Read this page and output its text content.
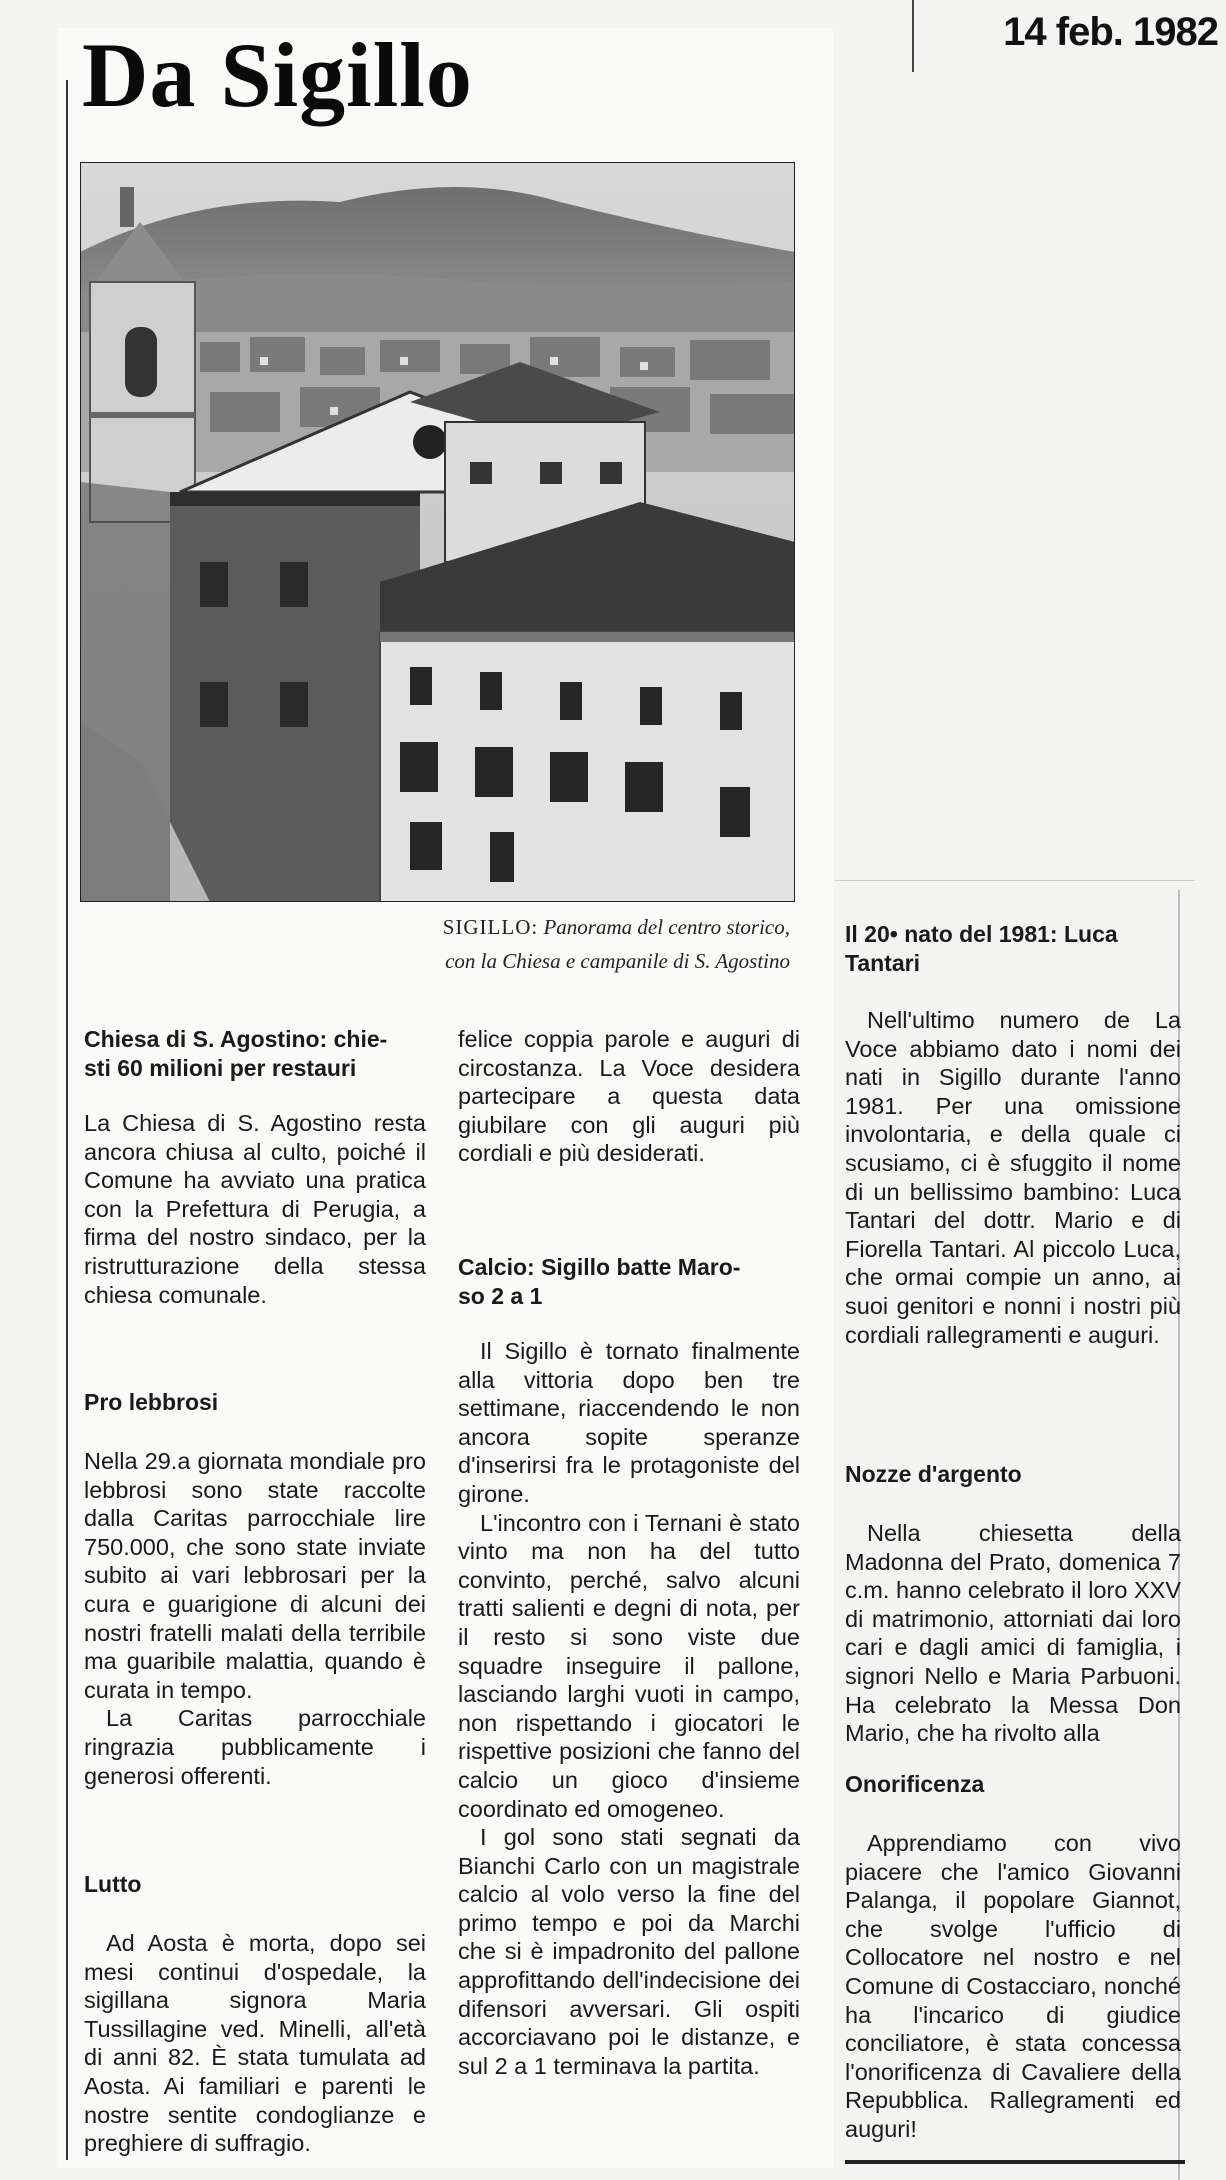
14 feb. 1982
Da Sigillo
SIGILLO: Panorama del centro storico,
con la Chiesa e campanile di S. Agostino

Chiesa di S. Agostino: chie-

sti 60 milioni per restauri

La Chiesa di S. Agostino resta ancora chiusa al culto, poiché il Comune ha avviato una pratica con la Prefettura di Perugia, a firma del nostro sindaco, per la ristrutturazione della stessa chiesa comunale.

Pro lebbrosi

Nella 29.a giornata mondiale pro lebbrosi sono state raccolte dalla Caritas parrocchiale lire 750.000, che sono state inviate subito ai vari lebbrosari per la cura e guarigione di alcuni dei nostri fratelli malati della terribile ma guaribile malattia, quando è curata in tempo.

La Caritas parrocchiale ringrazia pubblicamente i generosi offerenti.

Lutto

Ad Aosta è morta, dopo sei mesi continui d'ospedale, la sigillana signora Maria Tussillagine ved. Minelli, all'età di anni 82. È stata tumulata ad Aosta. Ai familiari e parenti le nostre sentite condoglianze e preghiere di suffragio.

felice coppia parole e auguri di circostanza. La Voce desidera partecipare a questa data giubilare con gli auguri più cordiali e più desiderati.

Calcio: Sigillo batte Maro-

so 2 a 1

Il Sigillo è tornato finalmente alla vittoria dopo ben tre settimane, riaccendendo le non ancora sopite speranze d'inserirsi fra le protagoniste del girone.

L'incontro con i Ternani è stato vinto ma non ha del tutto convinto, perché, salvo alcuni tratti salienti e degni di nota, per il resto si sono viste due squadre inseguire il pallone, lasciando larghi vuoti in campo, non rispettando i giocatori le rispettive posizioni che fanno del calcio un gioco d'insieme coordinato ed omogeneo.

I gol sono stati segnati da Bianchi Carlo con un magistrale calcio al volo verso la fine del primo tempo e poi da Marchi che si è impadronito del pallone approfittando dell'indecisione dei difensori avversari. Gli ospiti accorciavano poi le distanze, e sul 2 a 1 terminava la partita.

Il 20• nato del 1981: Luca

Tantari

Nell'ultimo numero de La Voce abbiamo dato i nomi dei nati in Sigillo durante l'anno 1981. Per una omissione involontaria, e della quale ci scusiamo, ci è sfuggito il nome di un bellissimo bambino: Luca Tantari del dottr. Mario e di Fiorella Tantari. Al piccolo Luca, che ormai compie un anno, ai suoi genitori e nonni i nostri più cordiali rallegramenti e auguri.

Nozze d'argento

Nella chiesetta della Madonna del Prato, domenica 7 c.m. hanno celebrato il loro XXV di matrimonio, attorniati dai loro cari e dagli amici di famiglia, i signori Nello e Maria Parbuoni. Ha celebrato la Messa Don Mario, che ha rivolto alla

Onorificenza

Apprendiamo con vivo piacere che l'amico Giovanni Palanga, il popolare Giannot, che svolge l'ufficio di Collocatore nel nostro e nel Comune di Costacciaro, nonché ha l'incarico di giudice conciliatore, è stata concessa l'onorificenza di Cavaliere della Repubblica. Rallegramenti ed auguri!
